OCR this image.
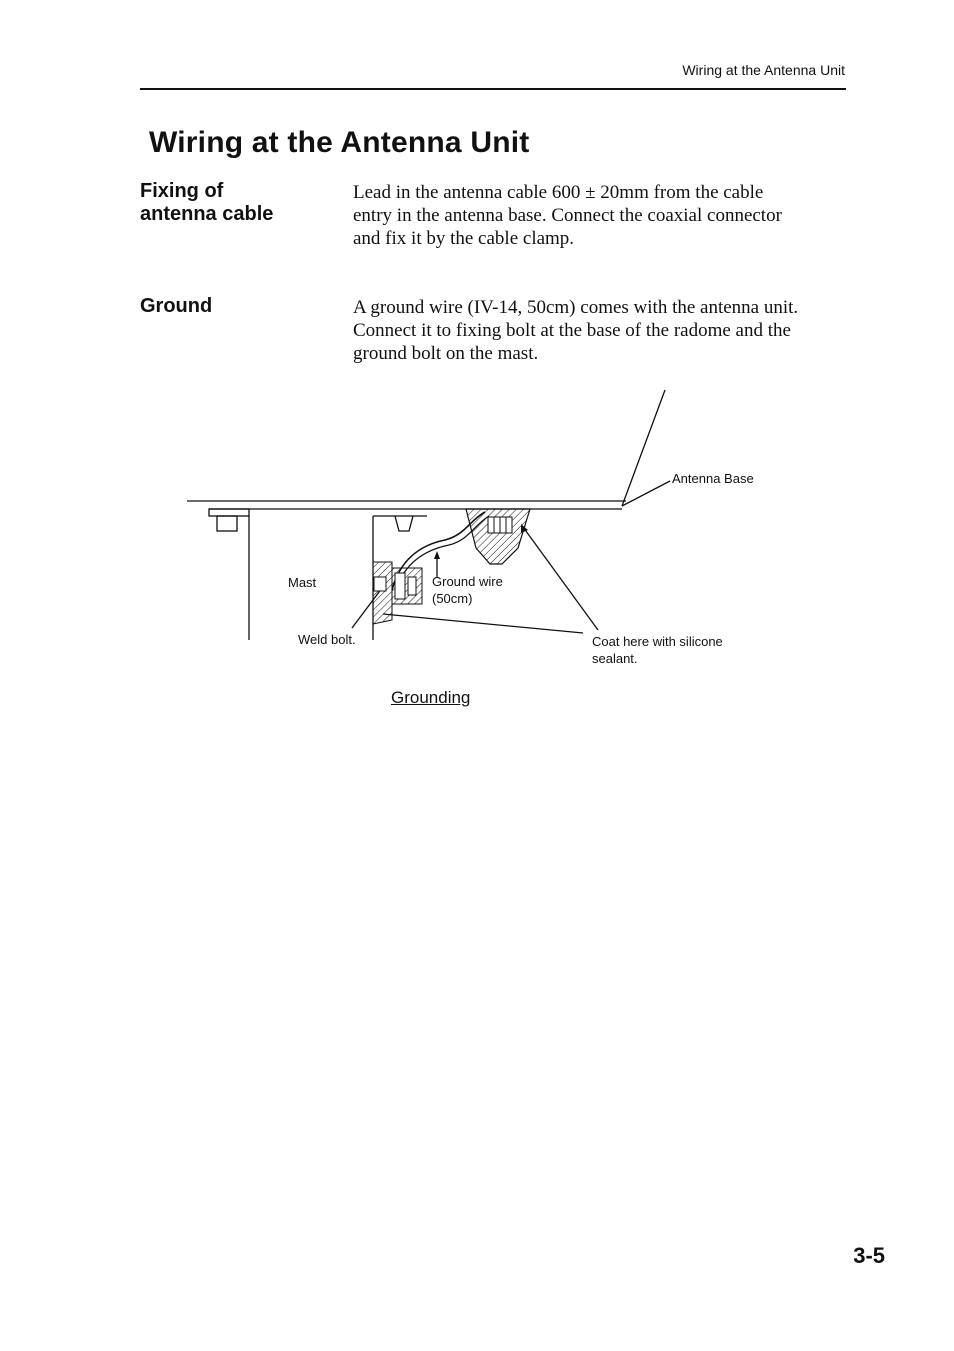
Wiring at the Antenna Unit
Wiring at the Antenna Unit
Fixing of
antenna cable
Lead in the antenna cable 600 ± 20mm from the cable
entry in the antenna base. Connect the coaxial connector
and fix it by the cable clamp.
Ground	A ground wire (IV-14, 50cm) comes with the antenna unit.
Connect it to fixing bolt at the base of the radome and the
ground bolt on the mast.
Antenna Base
Mast	Ground wire
(50cm)
Weld bolt.	Coat here with silicone
sealant.
Grounding
3-5
